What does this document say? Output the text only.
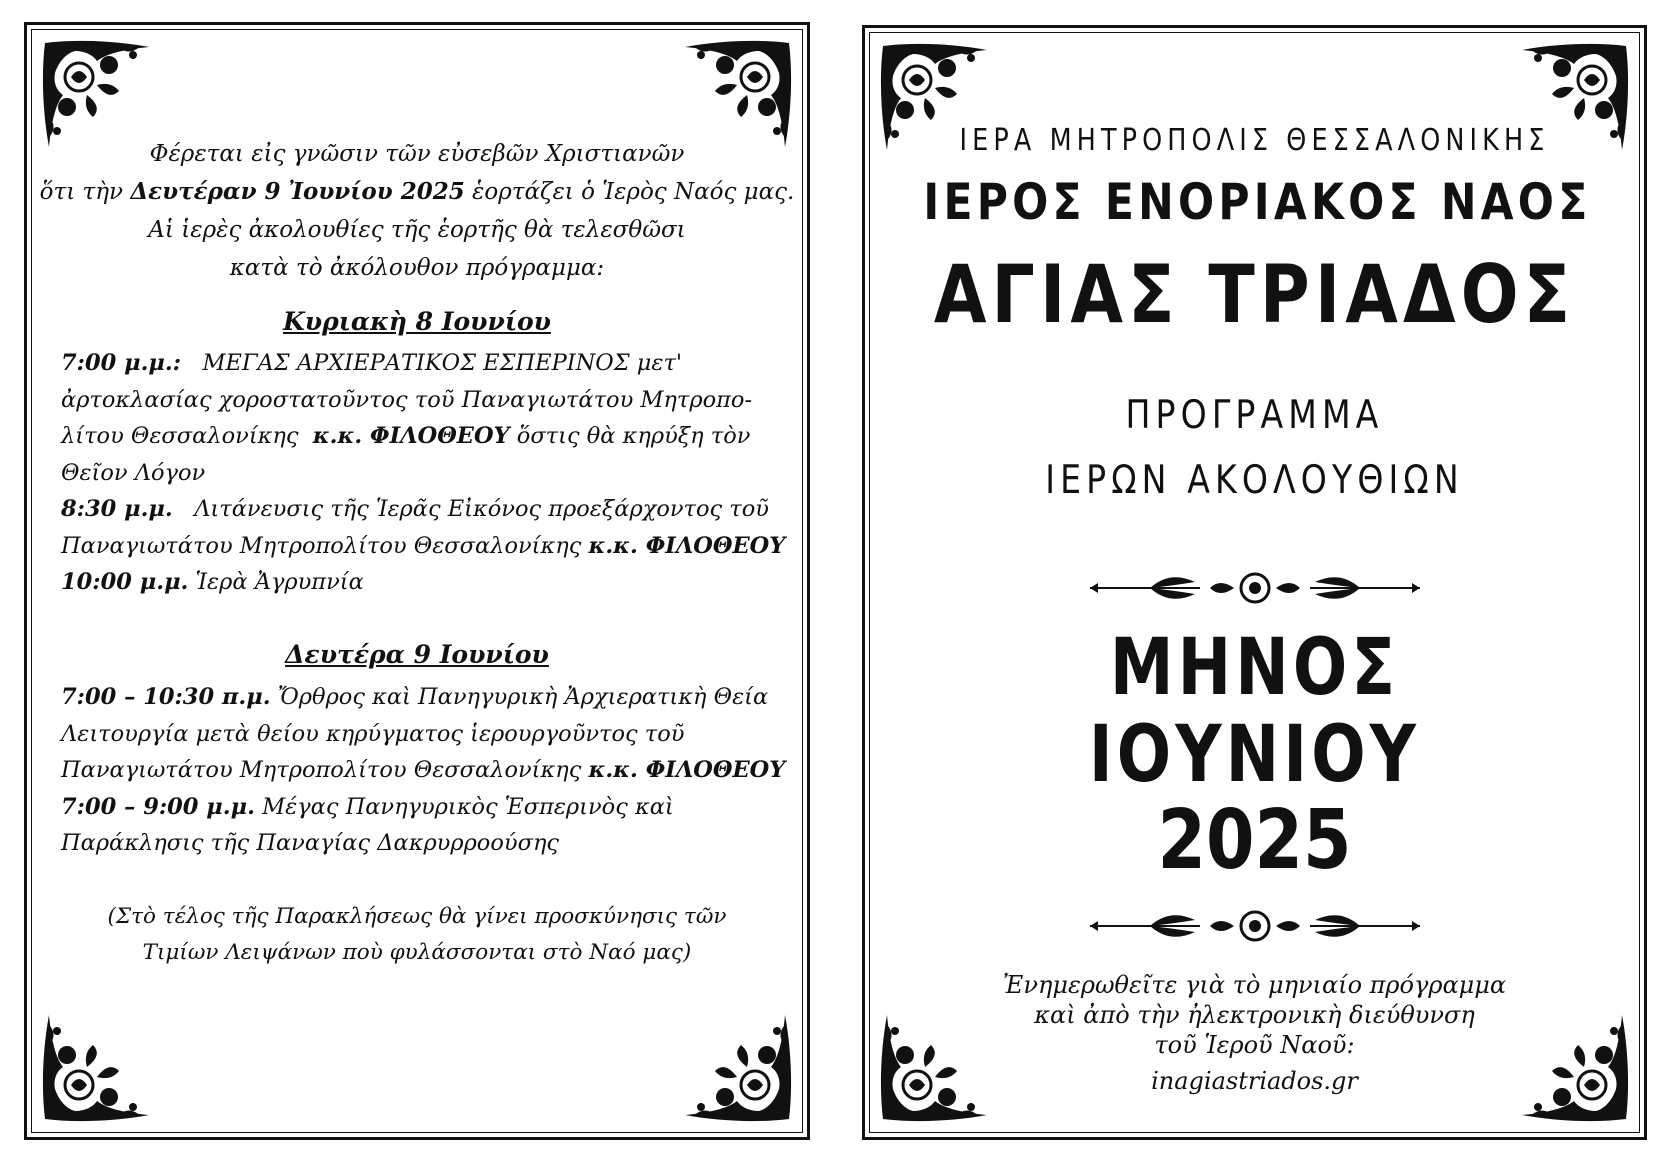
Φέρεται εἰς γνῶσιν τῶν εὐσεβῶν Χριστιανῶν

ὅτι τὴν Δευτέραν 9 Ἰουνίου 2025 ἑορτάζει ὁ Ἱερὸς Ναός μας.

Αἱ ἱερὲς ἀκολουθίες τῆς ἑορτῆς θὰ τελεσθῶσι

κατὰ τὸ ἀκόλουθον πρόγραμμα:

Κυριακὴ 8 Ιουνίου

7:00 μ.μ.: ΜΕΓΑΣ ΑΡΧΙΕΡΑΤΙΚΟΣ ΕΣΠΕΡΙΝΟΣ μετ'

ἀρτοκλασίας χοροστατοῦντος τοῦ Παναγιωτάτου Μητροπο-

λίτου Θεσσαλονίκης κ.κ. ΦΙΛΟΘΕΟΥ ὅστις θὰ κηρύξη τὸν

Θεῖον Λόγον

8:30 μ.μ. Λιτάνευσις τῆς Ἱερᾶς Εἰκόνος προεξάρχοντος τοῦ

Παναγιωτάτου Μητροπολίτου Θεσσαλονίκης κ.κ. ΦΙΛΟΘΕΟΥ

10:00 μ.μ. Ἱερὰ Ἀγρυπνία

Δευτέρα 9 Ιουνίου

7:00 – 10:30 π.μ. Ὄρθρος καὶ Πανηγυρικὴ Ἀρχιερατικὴ Θεία

Λειτουργία μετὰ θείου κηρύγματος ἱερουργοῦντος τοῦ

Παναγιωτάτου Μητροπολίτου Θεσσαλονίκης κ.κ. ΦΙΛΟΘΕΟΥ

7:00 – 9:00 μ.μ. Μέγας Πανηγυρικὸς Ἑσπερινὸς καὶ

Παράκλησις τῆς Παναγίας Δακρυρροούσης

(Στὸ τέλος τῆς Παρακλήσεως θὰ γίνει προσκύνησις τῶν

Τιμίων Λειψάνων ποὺ φυλάσσονται στὸ Ναό μας)

ΙΕΡΑ ΜΗΤΡΟΠΟΛΙΣ ΘΕΣΣΑΛΟΝΙΚΗΣ
ΙΕΡΟΣ ΕΝΟΡΙΑΚΟΣ ΝΑΟΣ
ΑΓΙΑΣ ΤΡΙΑΔΟΣ
ΠΡΟΓΡΑΜΜΑ
ΙΕΡΩΝ ΑΚΟΛΟΥΘΙΩΝ
ΜΗΝΟΣ
ΙΟΥΝΙΟΥ
2025

Ἐνημερωθεῖτε γιὰ τὸ μηνιαίο πρόγραμμα

καὶ ἀπὸ τὴν ἠλεκτρονικὴ διεύθυνση

τοῦ Ἱεροῦ Ναοῦ:

inagiastriados.gr
